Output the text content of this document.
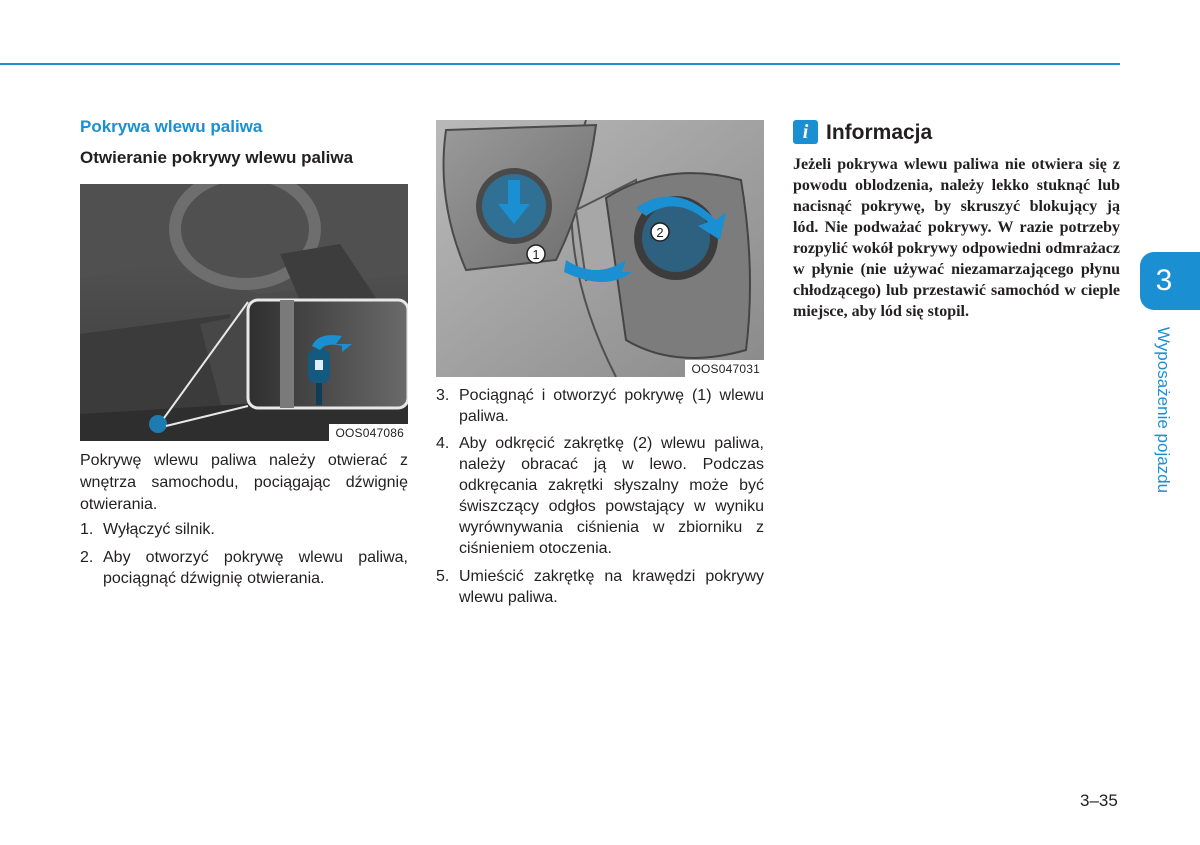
Pokrywa wlewu paliwa
Otwieranie pokrywy wlewu paliwa
OOS047086
Pokrywę wlewu paliwa należy otwierać z wnętrza samochodu, pociągając dźwignię otwierania.
1. Wyłączyć silnik.
2. Aby otworzyć pokrywę wlewu paliwa, pociągnąć dźwignię otwierania.
1
2
OOS047031
3. Pociągnąć i otworzyć pokrywę (1) wlewu paliwa.
4. Aby odkręcić zakrętkę (2) wlewu paliwa, należy obracać ją w lewo. Podczas odkręcania zakrętki słyszalny może być świszczący odgłos powstający w wyniku wyrównywania ciśnienia w zbiorniku z ciśnieniem otoczenia.
5. Umieścić zakrętkę na krawędzi pokrywy wlewu paliwa.
i Informacja
Jeżeli pokrywa wlewu paliwa nie otwiera się z powodu oblodzenia, należy lekko stuknąć lub nacisnąć pokrywę, by skruszyć blokujący ją lód. Nie podważać pokrywy. W razie potrzeby rozpylić wokół pokrywy odpowiedni odmrażacz w płynie (nie używać niezamarzającego płynu chłodzącego) lub przestawić samochód w cieple miejsce, aby lód się stopil.
3
Wyposażenie pojazdu
3–35
